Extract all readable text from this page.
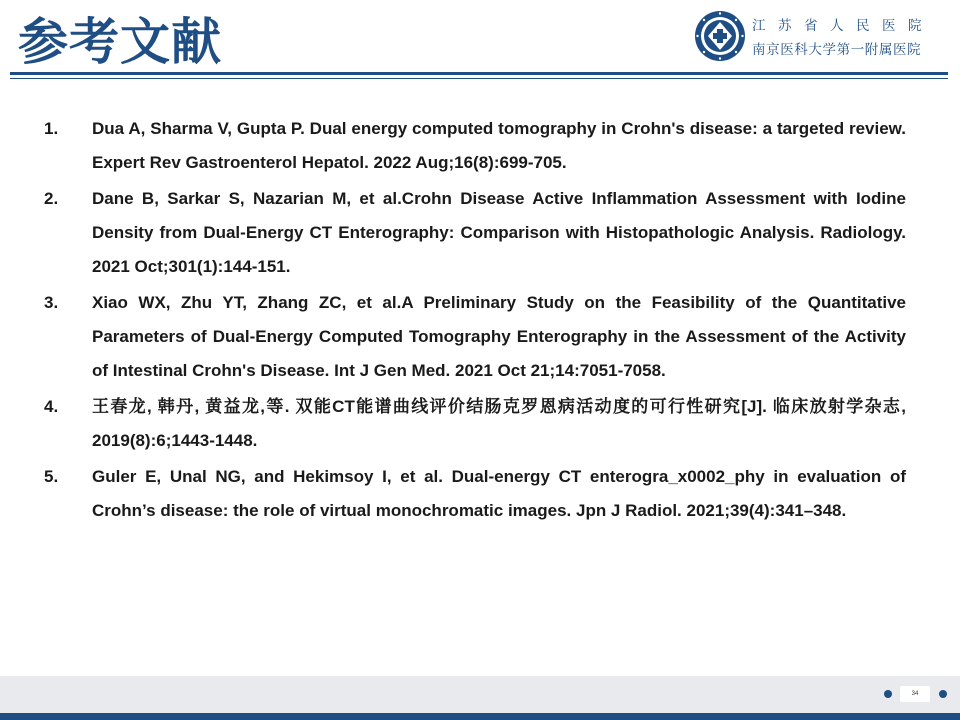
参考文献	江苏省人民医院
南京医科大学第一附属医院
1.	Dua A, Sharma V, Gupta P. Dual energy computed tomography in Crohn's disease: a targeted review. Expert Rev Gastroenterol Hepatol. 2022 Aug;16(8):699-705.
2.	Dane B, Sarkar S, Nazarian M, et al.Crohn Disease Active Inflammation Assessment with Iodine Density from Dual-Energy CT Enterography: Comparison with Histopathologic Analysis. Radiology. 2021 Oct;301(1):144-151.
3.	Xiao WX, Zhu YT, Zhang ZC, et al.A Preliminary Study on the Feasibility of the Quantitative Parameters of Dual-Energy Computed Tomography Enterography in the Assessment of the Activity of Intestinal Crohn's Disease. Int J Gen Med. 2021 Oct 21;14:7051-7058.
4.	王春龙, 韩丹, 黄益龙,等. 双能CT能谱曲线评价结肠克罗恩病活动度的可行性研究[J]. 临床放射学杂志, 2019(8):6;1443-1448.
5.	Guler E, Unal NG, and Hekimsoy I, et al. Dual-energy CT enterogra_x0002_phy in evaluation of Crohn’s disease: the role of virtual monochromatic images. Jpn J Radiol. 2021;39(4):341–348.
34
